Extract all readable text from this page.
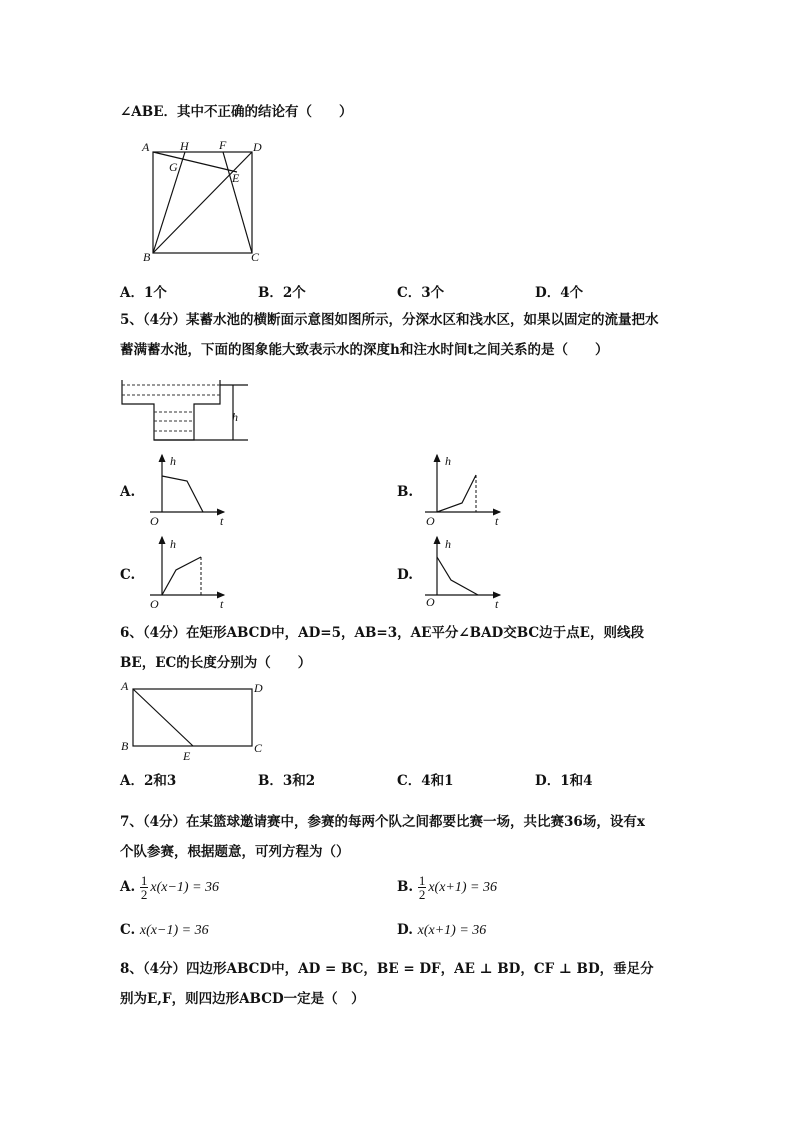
∠ABE．其中不正确的结论有（　　）
A	H	F D
G
E
B	C
A．1个	B．2个	C．3个	D．4个
5、（4分）某蓄水池的横断面示意图如图所示，分深水区和浅水区，如果以固定的流量把水
蓄满蓄水池，下面的图象能大致表示水的深度h和注水时间t之间关系的是（　　）
h
A.	B.
C.	D.
h
O	t
h
O	t
h
O	t
h
O	t
6、（4分）在矩形ABCD中，AD=5，AB=3，AE平分∠BAD交BC边于点E，则线段
BE，EC的长度分别为（　　）
A	D
B
E
C
A．2和3	B．3和2	C．4和1	D．1和4
7、（4分）在某篮球邀请赛中，参赛的每两个队之间都要比赛一场，共比赛36场，设有x
个队参赛，根据题意，可列方程为（）
A. $\frac{1}{2} x(x-1) = 36$	B. $\frac{1}{2} x(x+1) = 36$
C. x(x−1) = 36	D. x(x+1) = 36
8、（4分）四边形ABCD中，AD = BC，BE = DF，AE ⊥ BD，CF ⊥ BD，垂足分
别为E,F，则四边形ABCD一定是（　）
